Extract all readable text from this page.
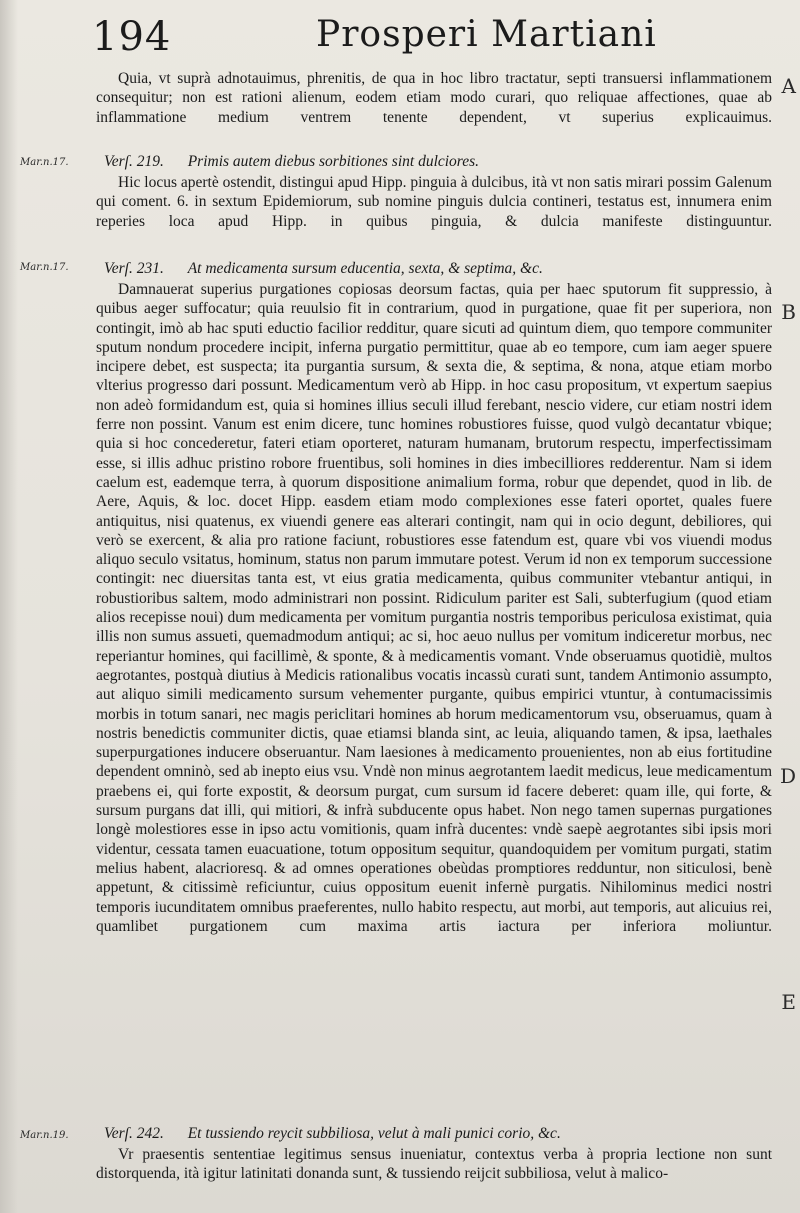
194	Prosperi Martiani
Mar.n.17.
Mar.n.17.
Mar.n.19.
A
B
D
E
Quia, vt suprà adnotauimus, phrenitis, de qua in hoc libro tractatur, septi transuersi inflammationem consequitur; non est rationi alienum, eodem etiam modo curari, quo reliquae affectiones, quae ab inflammatione medium ventrem tenente dependent, vt superius explicauimus.
Verſ. 219. Primis autem diebus sorbitiones sint dulciores.
Hic locus apertè ostendit, distingui apud Hipp. pinguia à dulcibus, ità vt non satis mirari possim Galenum qui coment. 6. in sextum Epidemiorum, sub nomine pinguis dulcia contineri, testatus est, innumera enim reperies loca apud Hipp. in quibus pinguia, & dulcia manifeste distinguuntur.
Verſ. 231. At medicamenta sursum educentia, sexta, & septima, &c.
Damnauerat superius purgationes copiosas deorsum factas, quia per haec sputorum fit suppressio, à quibus aeger suffocatur; quia reuulsio fit in contrarium, quod in purgatione, quae fit per superiora, non contingit, imò ab hac sputi eductio facilior redditur, quare sicuti ad quintum diem, quo tempore communiter sputum nondum procedere incipit, inferna purgatio permittitur, quae ab eo tempore, cum iam aeger spuere incipere debet, est suspecta; ita purgantia sursum, & sexta die, & septima, & nona, atque etiam morbo vlterius progresso dari possunt. Medicamentum verò ab Hipp. in hoc casu propositum, vt expertum saepius non adeò formidandum est, quia si homines illius seculi illud ferebant, nescio videre, cur etiam nostri idem ferre non possint. Vanum est enim dicere, tunc homines robustiores fuisse, quod vulgò decantatur vbique; quia si hoc concederetur, fateri etiam oporteret, naturam humanam, brutorum respectu, imperfectissimam esse, si illis adhuc pristino robore fruentibus, soli homines in dies imbecilliores redderentur. Nam si idem caelum est, eademque terra, à quorum dispositione animalium forma, robur que dependet, quod in lib. de Aere, Aquis, & loc. docet Hipp. easdem etiam modo complexiones esse fateri oportet, quales fuere antiquitus, nisi quatenus, ex viuendi genere eas alterari contingit, nam qui in ocio degunt, debiliores, qui verò se exercent, & alia pro ratione faciunt, robustiores esse fatendum est, quare vbi vos viuendi modus aliquo seculo vsitatus, hominum, status non parum immutare potest. Verum id non ex temporum successione contingit: nec diuersitas tanta est, vt eius gratia medicamenta, quibus communiter vtebantur antiqui, in robustioribus saltem, modo administrari non possint. Ridiculum pariter est Sali, subterfugium (quod etiam alios recepisse noui) dum medicamenta per vomitum purgantia nostris temporibus periculosa existimat, quia illis non sumus assueti, quemadmodum antiqui; ac si, hoc aeuo nullus per vomitum indiceretur morbus, nec reperiantur homines, qui facillimè, & sponte, & à medicamentis vomant. Vnde obseruamus quotidiè, multos aegrotantes, postquà diutius à Medicis rationalibus vocatis incassù curati sunt, tandem Antimonio assumpto, aut aliquo simili medicamento sursum vehementer purgante, quibus empirici vtuntur, à contumacissimis morbis in totum sanari, nec magis periclitari homines ab horum medicamentorum vsu, obseruamus, quam à nostris benedictis communiter dictis, quae etiamsi blanda sint, ac leuia, aliquando tamen, & ipsa, laethales superpurgationes inducere obseruantur. Nam laesiones à medicamento prouenientes, non ab eius fortitudine dependent omninò, sed ab inepto eius vsu. Vndè non minus aegrotantem laedit medicus, leue medicamentum praebens ei, qui forte expostit, & deorsum purgat, cum sursum id facere deberet: quam ille, qui forte, & sursum purgans dat illi, qui mitiori, & infrà subducente opus habet. Non nego tamen supernas purgationes longè molestiores esse in ipso actu vomitionis, quam infrà ducentes: vndè saepè aegrotantes sibi ipsis mori videntur, cessata tamen euacuatione, totum oppositum sequitur, quandoquidem per vomitum purgati, statim melius habent, alacrioresq. & ad omnes operationes obeùdas promptiores redduntur, non siticulosi, benè appetunt, & citissimè reficiuntur, cuius oppositum euenit infernè purgatis. Nihilominus medici nostri temporis iucunditatem omnibus praeferentes, nullo habito respectu, aut morbi, aut temporis, aut alicuius rei, quamlibet purgationem cum maxima artis iactura per inferiora moliuntur.
Verſ. 242. Et tussiendo reycit subbiliosa, velut à mali punici corio, &c.
Vr praesentis sententiae legitimus sensus inueniatur, contextus verba à propria lectione non sunt distorquenda, ità igitur latinitati donanda sunt, & tussiendo reijcit subbiliosa, velut à malico-
